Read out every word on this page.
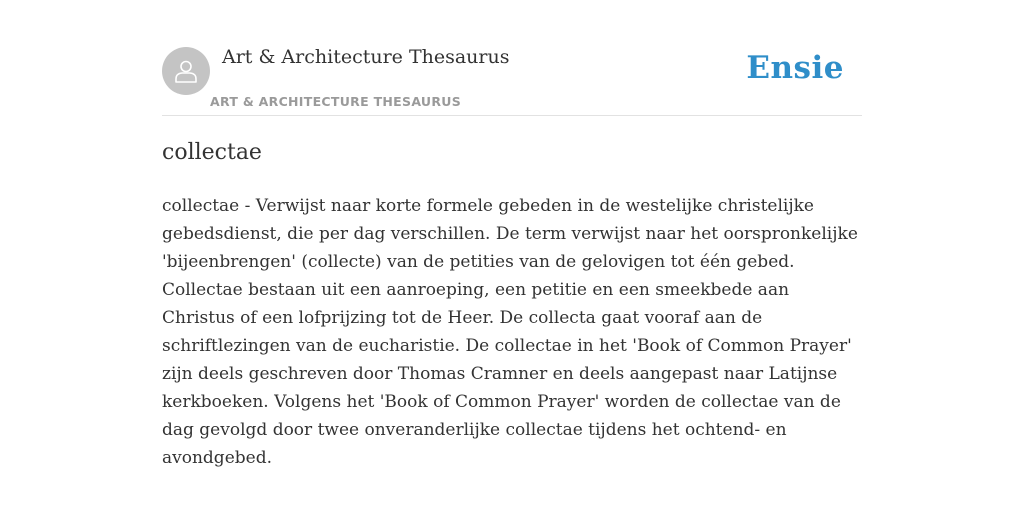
Art & Architecture Thesaurus
ART & ARCHITECTURE THESAURUS
Ensie
collectae

collectae - Verwijst naar korte formele gebeden in de westelijke christelijke gebedsdienst, die per dag verschillen. De term verwijst naar het oorspronkelijke 'bijeenbrengen' (collecte) van de petities van de gelovigen tot één gebed. Collectae bestaan uit een aanroeping, een petitie en een smeekbede aan Christus of een lofprijzing tot de Heer. De collecta gaat vooraf aan de schriftlezingen van de eucharistie. De collectae in het 'Book of Common Prayer' zijn deels geschreven door Thomas Cramner en deels aangepast naar Latijnse kerkboeken. Volgens het 'Book of Common Prayer' worden de collectae van de dag gevolgd door twee onveranderlijke collectae tijdens het ochtend- en avondgebed.
